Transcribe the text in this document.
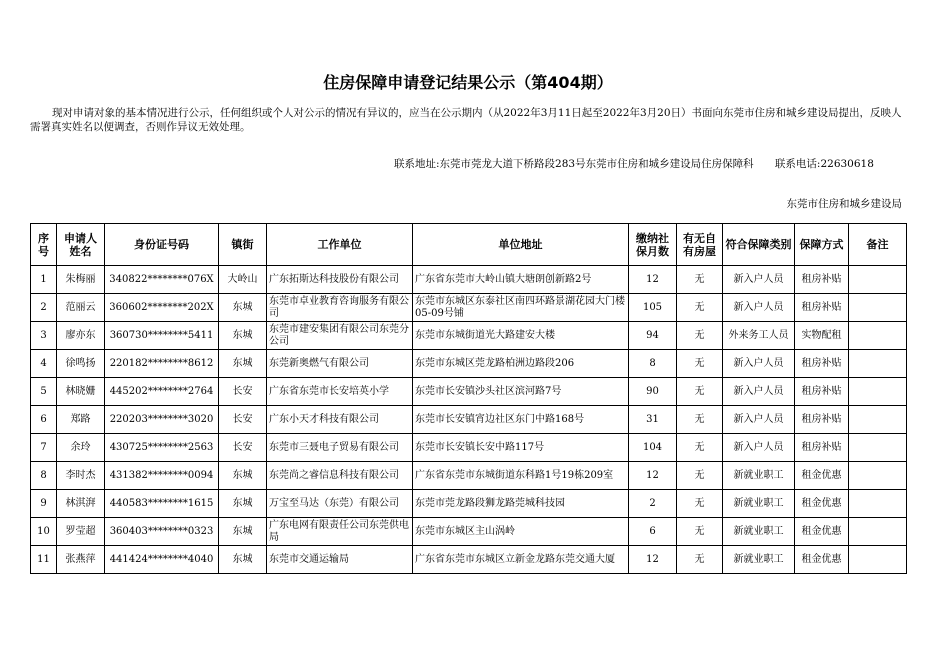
住房保障申请登记结果公示（第404期）
现对申请对象的基本情况进行公示，任何组织或个人对公示的情况有异议的，应当在公示期内（从2022年3月11日起至2022年3月20日）书面向东莞市住房和城乡建设局提出，反映人需署真实姓名以便调查，否则作异议无效处理。
联系地址:东莞市莞龙大道下桥路段283号东莞市住房和城乡建设局住房保障科 联系电话:22630618
东莞市住房和城乡建设局
序号	申请人姓名	身份证号码	镇街	工作单位	单位地址	缴纳社保月数	有无自有房屋	符合保障类别	保障方式	备注
1	朱梅丽	340822********076X	大岭山	广东拓斯达科技股份有限公司	广东省东莞市大岭山镇大塘朗创新路2号	12	无	新入户人员	租房补贴	
2	范丽云	360602********202X	东城	东莞市卓业教育咨询服务有限公司	东莞市东城区东泰社区南四环路景湖花园大门楼05-09号铺	105	无	新入户人员	租房补贴	
3	廖亦东	360730********5411	东城	东莞市建安集团有限公司东莞分公司	东莞市东城街道光大路建安大楼	94	无	外来务工人员	实物配租	
4	徐鸣扬	220182********8612	东城	东莞新奥燃气有限公司	东莞市东城区莞龙路柏洲边路段206	8	无	新入户人员	租房补贴	
5	林晓姗	445202********2764	长安	广东省东莞市长安培英小学	东莞市长安镇沙头社区滨河路7号	90	无	新入户人员	租房补贴	
6	郑路	220203********3020	长安	广东小天才科技有限公司	东莞市长安镇宵边社区东门中路168号	31	无	新入户人员	租房补贴	
7	余玲	430725********2563	长安	东莞市三聂电子贸易有限公司	东莞市长安镇长安中路117号	104	无	新入户人员	租房补贴	
8	李时杰	431382********0094	东城	东莞尚之睿信息科技有限公司	广东省东莞市东城街道东科路1号19栋209室	12	无	新就业职工	租金优惠	
9	林淇湃	440583********1615	东城	万宝至马达（东莞）有限公司	东莞市莞龙路段狮龙路莞城科技园	2	无	新就业职工	租金优惠	
10	罗莹超	360403********0323	东城	广东电网有限责任公司东莞供电局	东莞市东城区主山涡岭	6	无	新就业职工	租金优惠	
11	张燕萍	441424********4040	东城	东莞市交通运输局	广东省东莞市东城区立新金龙路东莞交通大厦	12	无	新就业职工	租金优惠	
